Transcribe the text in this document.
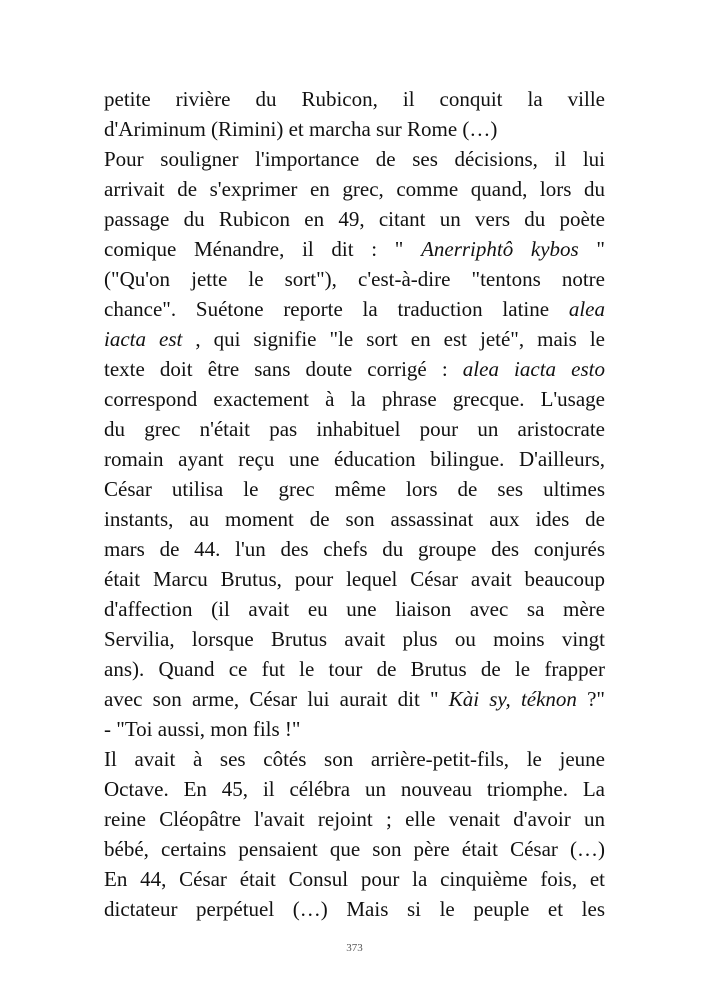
petite rivière du Rubicon, il conquit la ville
d'Ariminum (Rimini) et marcha sur Rome (…)
Pour souligner l'importance de ses décisions, il lui
arrivait de s'exprimer en grec, comme quand, lors du
passage du Rubicon en 49, citant un vers du poète
comique Ménandre, il dit : " Anerriphtô kybos "
("Qu'on jette le sort"), c'est-à-dire "tentons notre
chance". Suétone reporte la traduction latine alea
iacta est , qui signifie "le sort en est jeté", mais le
texte doit être sans doute corrigé : alea iacta esto
correspond exactement à la phrase grecque. L'usage
du grec n'était pas inhabituel pour un aristocrate
romain ayant reçu une éducation bilingue. D'ailleurs,
César utilisa le grec même lors de ses ultimes
instants, au moment de son assassinat aux ides de
mars de 44. l'un des chefs du groupe des conjurés
était Marcu Brutus, pour lequel César avait beaucoup
d'affection (il avait eu une liaison avec sa mère
Servilia, lorsque Brutus avait plus ou moins vingt
ans). Quand ce fut le tour de Brutus de le frapper
avec son arme, César lui aurait dit " Kài sy, téknon ?"
- "Toi aussi, mon fils !"
Il avait à ses côtés son arrière-petit-fils, le jeune
Octave. En 45, il célébra un nouveau triomphe. La
reine Cléopâtre l'avait rejoint ; elle venait d'avoir un
bébé, certains pensaient que son père était César (…)
En 44, César était Consul pour la cinquième fois, et
dictateur perpétuel (…) Mais si le peuple et les
373
